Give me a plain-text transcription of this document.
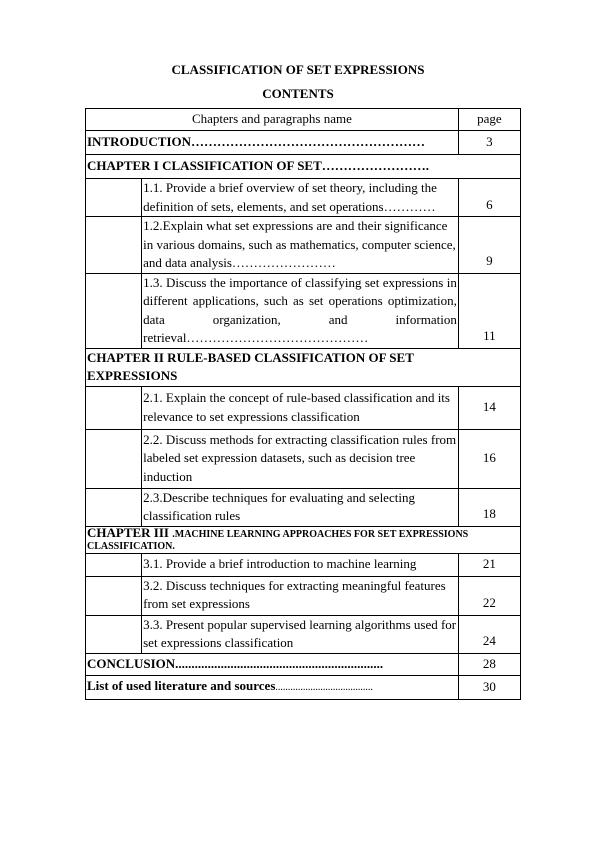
CLASSIFICATION OF SET EXPRESSIONS
CONTENTS
Chapters and paragraphs name		page
INTRODUCTION………………………………………………		3
CHAPTER I CLASSIFICATION OF SET…………………….		
	1.1. Provide a brief overview of set theory, including the definition of sets, elements, and set operations…………	6
	1.2.Explain what set expressions are and their significance in various domains, such as mathematics, computer science, and data analysis……………………	9
	1.3. Discuss the importance of classifying set expressions in different applications, such as set operations optimization, data organization, and information retrieval……………………………………	11

CHAPTER II RULE-BASED CLASSIFICATION OF SET EXPRESSIONS		

	2.1. Explain the concept of rule-based classification and its relevance to set expressions classification	14
	2.2. Discuss methods for extracting classification rules from labeled set expression datasets, such as decision tree induction	16
	2.3.Describe techniques for evaluating and selecting classification rules	18
CHAPTER III .MACHINE LEARNING APPROACHES FOR SET EXPRESSIONS CLASSIFICATION.		
	3.1. Provide a brief introduction to machine learning	21
	3.2. Discuss techniques for extracting meaningful features from set expressions	22
	3.3. Present popular supervised learning algorithms used for set expressions classification	24
CONCLUSION................................................................		28
List of used literature and sources.......................................		30
